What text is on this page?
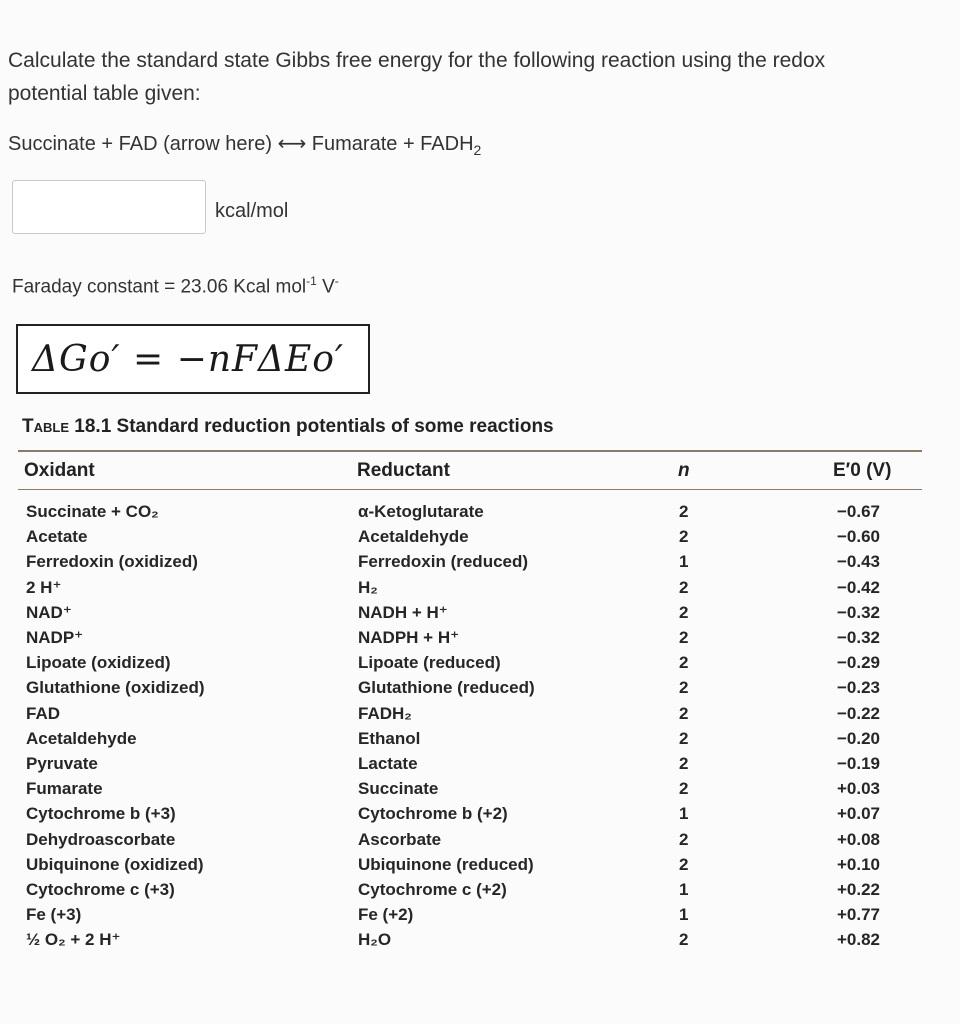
Calculate the standard state Gibbs free energy for the following reaction using the redox potential table given:
Succinate + FAD (arrow here) ⟷ Fumarate + $FADH_2$
kcal/mol
Faraday constant = 23.06 Kcal mol$^{-1}$ V-
ΔGo′ = −nFΔEo′
Table 18.1 Standard reduction potentials of some reactions
Oxidant	Reductant	n	E′0 (V)
Succinate + CO₂	α-Ketoglutarate	2	−0.67
Acetate	Acetaldehyde	2	−0.60
Ferredoxin (oxidized)	Ferredoxin (reduced)	1	−0.43
2 H⁺	H₂	2	−0.42
NAD⁺	NADH + H⁺	2	−0.32
NADP⁺	NADPH + H⁺	2	−0.32
Lipoate (oxidized)	Lipoate (reduced)	2	−0.29
Glutathione (oxidized)	Glutathione (reduced)	2	−0.23
FAD	FADH₂	2	−0.22
Acetaldehyde	Ethanol	2	−0.20
Pyruvate	Lactate	2	−0.19
Fumarate	Succinate	2	+0.03
Cytochrome b (+3)	Cytochrome b (+2)	1	+0.07
Dehydroascorbate	Ascorbate	2	+0.08
Ubiquinone (oxidized)	Ubiquinone (reduced)	2	+0.10
Cytochrome c (+3)	Cytochrome c (+2)	1	+0.22
Fe (+3)	Fe (+2)	1	+0.77
½ O₂ + 2 H⁺	H₂O	2	+0.82
